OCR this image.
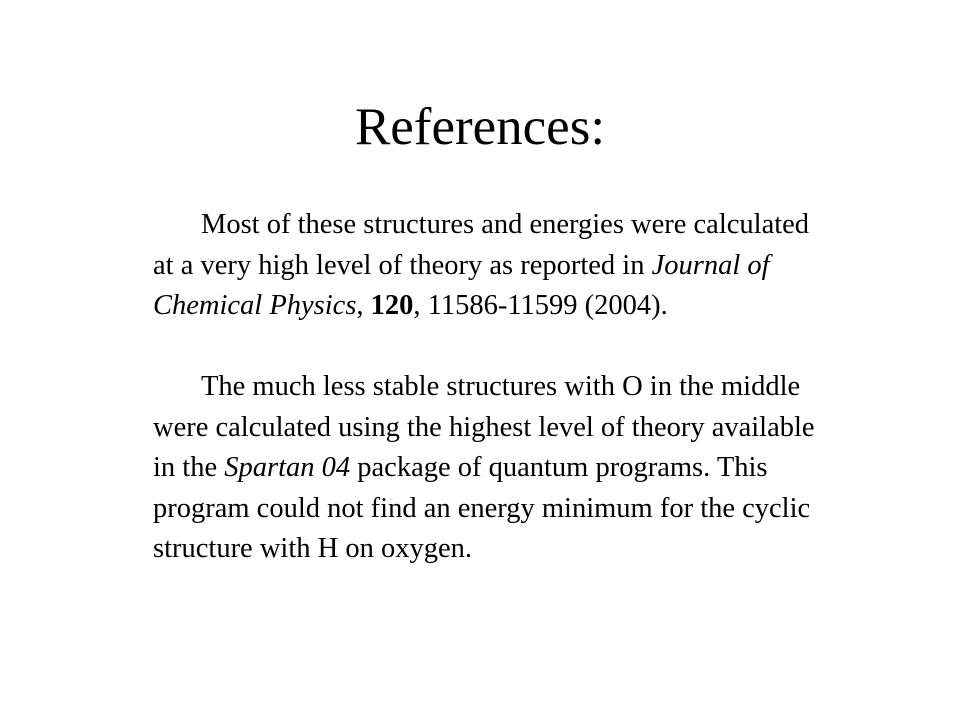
References:

Most of these structures and energies were calculated at a very high level of theory as reported in Journal of Chemical Physics, 120, 11586-11599 (2004).

The much less stable structures with O in the middle were calculated using the highest level of theory available in the Spartan 04 package of quantum programs. This program could not find an energy minimum for the cyclic structure with H on oxygen.
